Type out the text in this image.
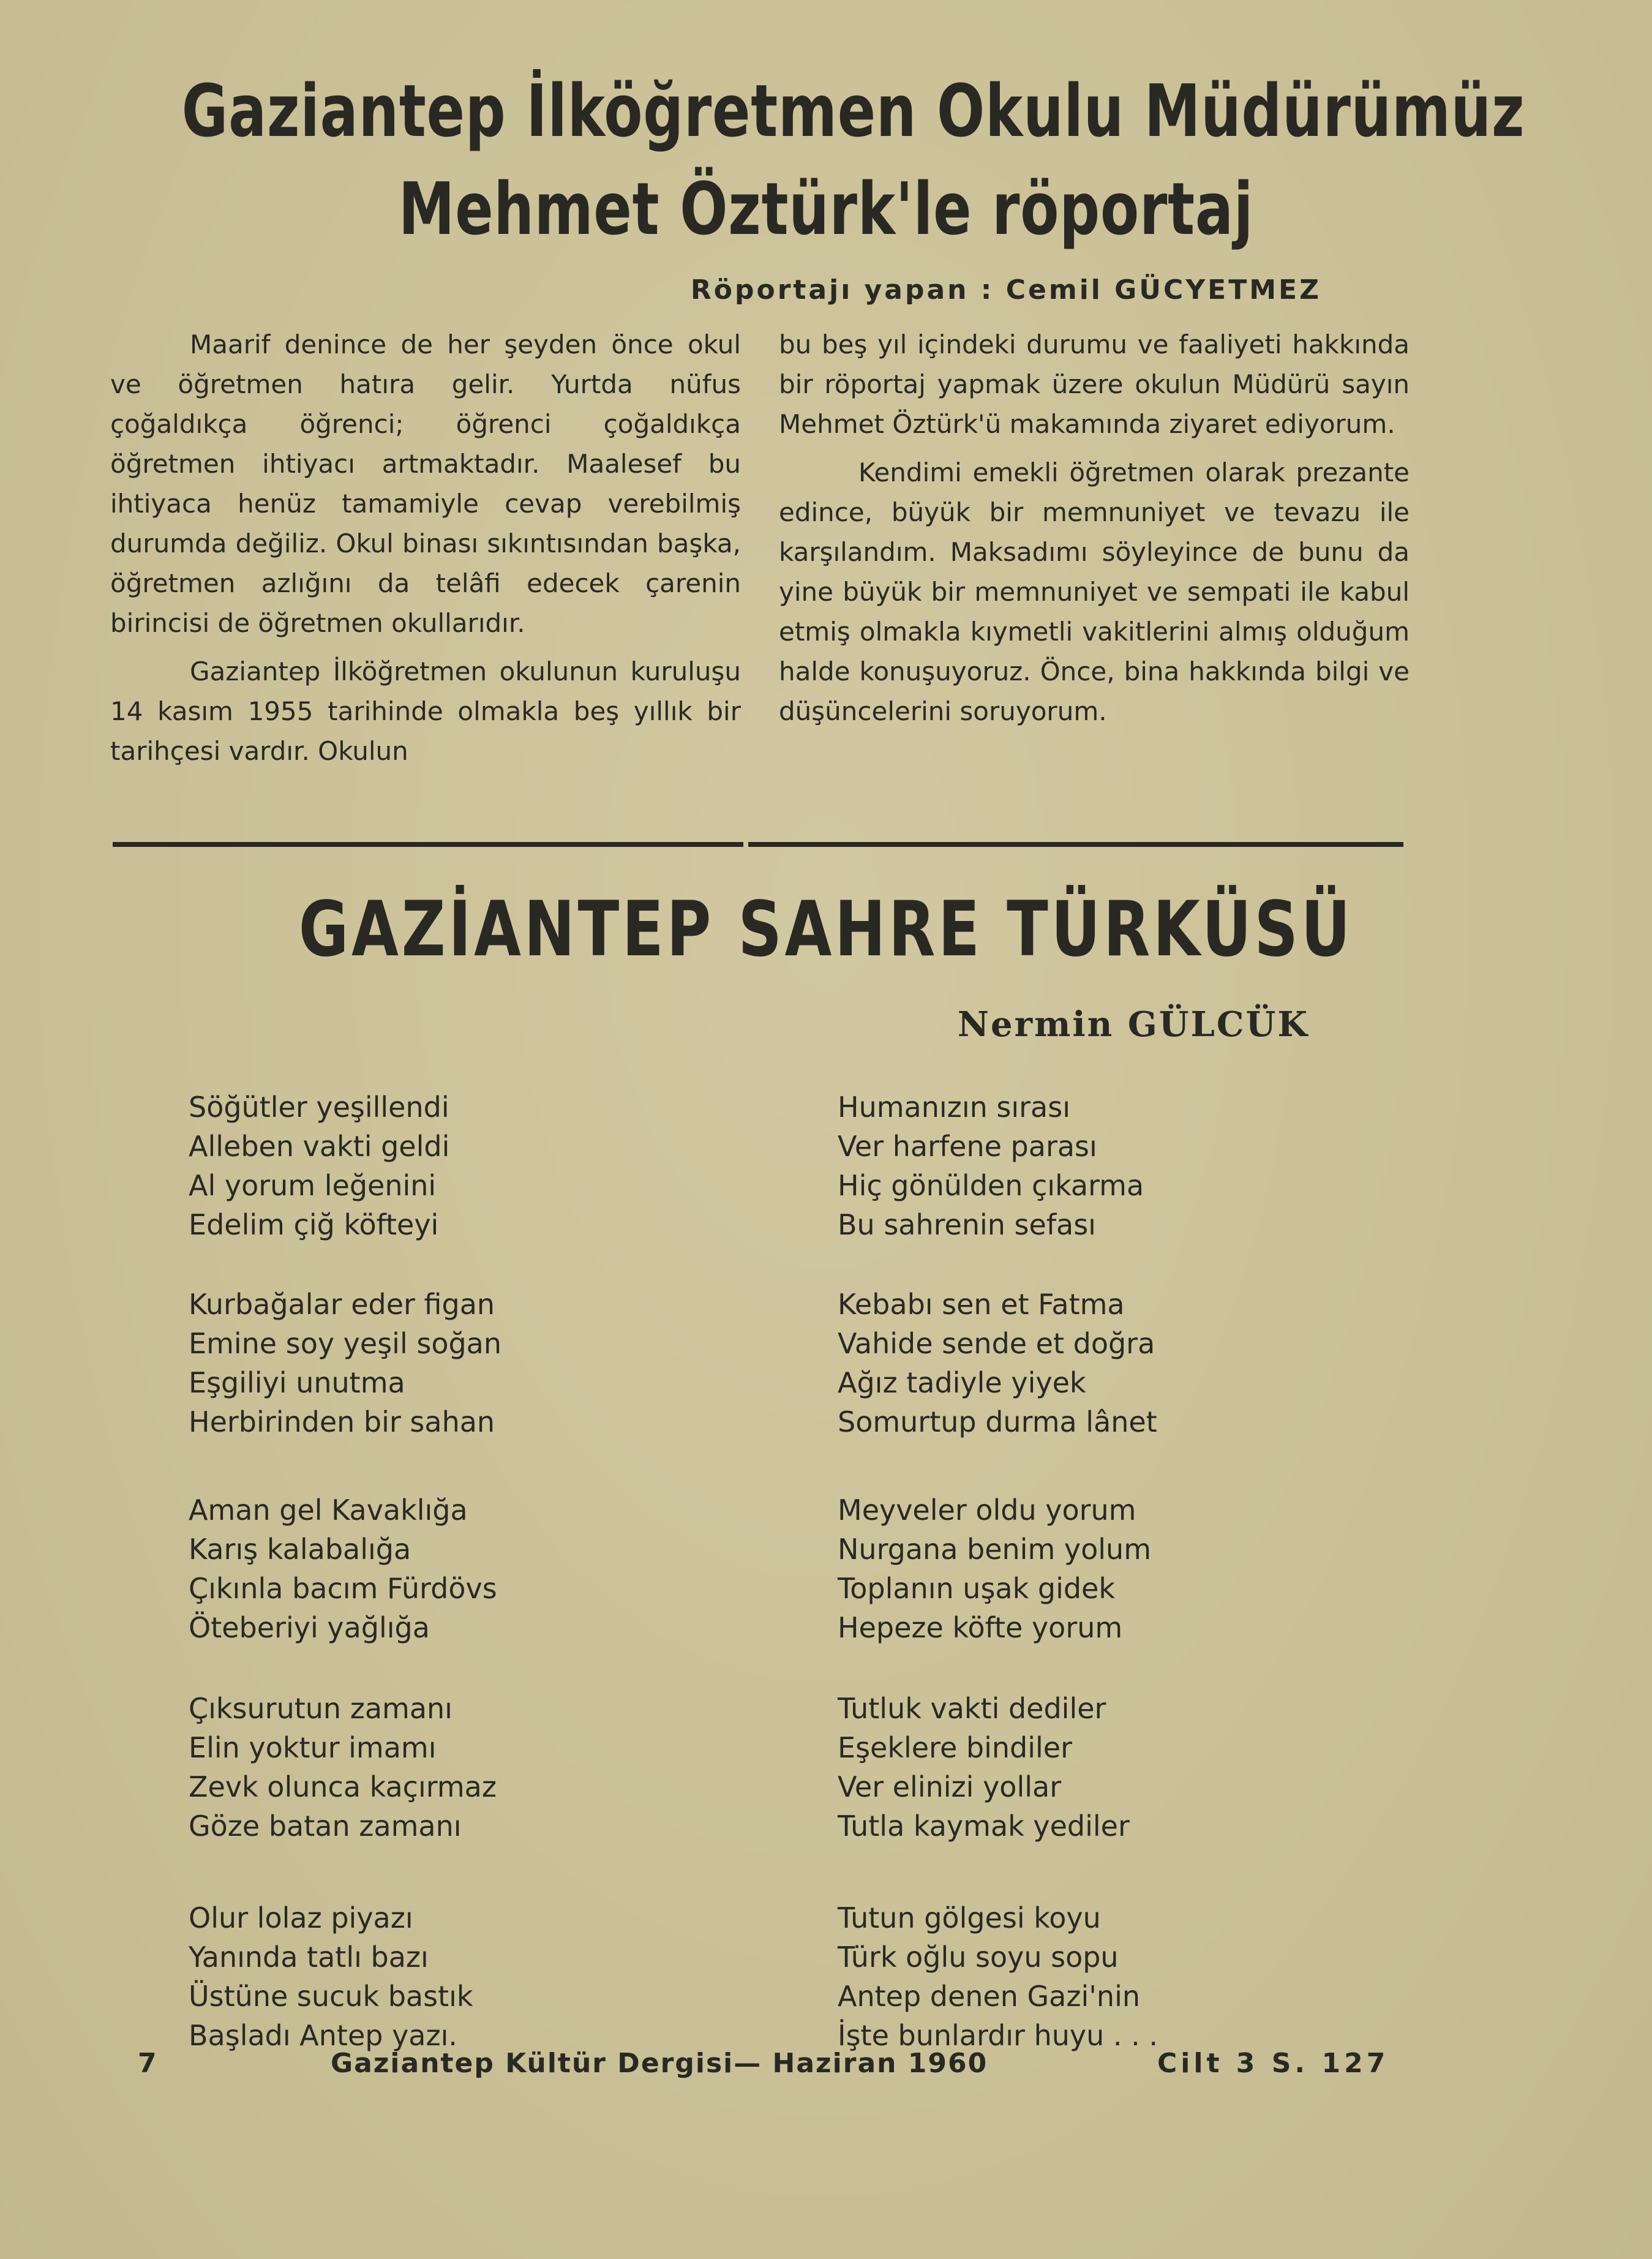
Gaziantep İlköğretmen Okulu Müdürümüz
Mehmet Öztürk'le röportaj
Röportajı yapan : Cemil GÜCYETMEZ

Maarif denince de her şeyden önce okul ve öğretmen hatıra gelir. Yurtda nüfus çoğaldıkça öğrenci; öğrenci çoğaldıkça öğretmen ihtiyacı artmaktadır. Maalesef bu ihtiyaca henüz tamamiyle cevap verebilmiş durumda değiliz. Okul binası sıkıntısından başka, öğretmen azlığını da telâfi edecek çarenin birincisi de öğretmen okullarıdır.

Gaziantep İlköğretmen okulunun kuruluşu 14 kasım 1955 tarihinde olmakla beş yıllık bir tarihçesi vardır. Okulun

bu beş yıl içindeki durumu ve faaliyeti hakkında bir röportaj yapmak üzere okulun Müdürü sayın Mehmet Öztürk'ü makamında ziyaret ediyorum.

Kendimi emekli öğretmen olarak prezante edince, büyük bir memnuniyet ve tevazu ile karşılandım. Maksadımı söyleyince de bunu da yine büyük bir memnuniyet ve sempati ile kabul etmiş olmakla kıymetli vakitlerini almış olduğum halde konuşuyoruz. Önce, bina hakkında bilgi ve düşüncelerini soruyorum.

GAZİANTEP SAHRE TÜRKÜSÜ
Nermin GÜLCÜK
Söğütler yeşillendi
Alleben vakti geldi
Al yorum leğenini
Edelim çiğ köfteyi
Kurbağalar eder figan
Emine soy yeşil soğan
Eşgiliyi unutma
Herbirinden bir sahan
Aman gel Kavaklığa
Karış kalabalığa
Çıkınla bacım Fürdövs
Öteberiyi yağlığa
Çıksurutun zamanı
Elin yoktur imamı
Zevk olunca kaçırmaz
Göze batan zamanı
Olur lolaz piyazı
Yanında tatlı bazı
Üstüne sucuk bastık
Başladı Antep yazı.
Humanızın sırası
Ver harfene parası
Hiç gönülden çıkarma
Bu sahrenin sefası
Kebabı sen et Fatma
Vahide sende et doğra
Ağız tadiyle yiyek
Somurtup durma lânet
Meyveler oldu yorum
Nurgana benim yolum
Toplanın uşak gidek
Hepeze köfte yorum
Tutluk vakti dediler
Eşeklere bindiler
Ver elinizi yollar
Tutla kaymak yediler
Tutun gölgesi koyu
Türk oğlu soyu sopu
Antep denen Gazi'nin
İşte bunlardır huyu . . .
7	Gaziantep Kültür Dergisi— Haziran 1960	Cilt 3 S. 127
